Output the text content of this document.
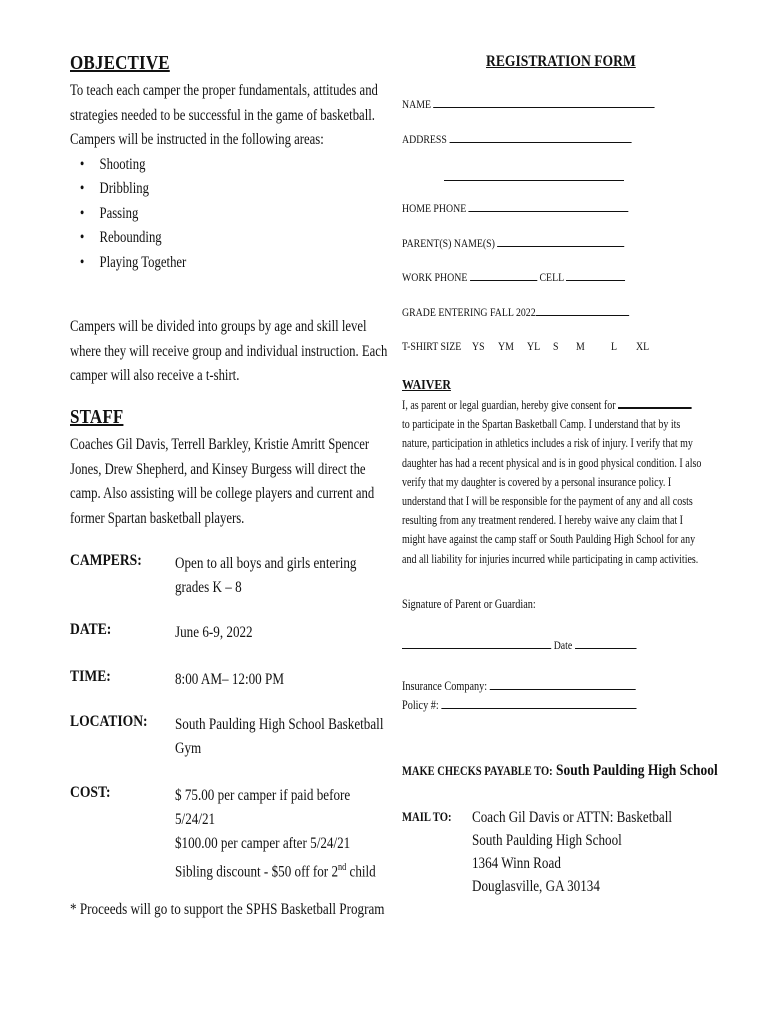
OBJECTIVE
To teach each camper the proper fundamentals, attitudes and
strategies needed to be successful in the game of basketball.
Campers will be instructed in the following areas:
• Shooting
• Dribbling
• Passing
• Rebounding
• Playing Together
Campers will be divided into groups by age and skill level
where they will receive group and individual instruction. Each
camper will also receive a t-shirt.
STAFF
Coaches Gil Davis, Terrell Barkley, Kristie Amritt Spencer
Jones, Drew Shepherd, and Kinsey Burgess will direct the
camp. Also assisting will be college players and current and
former Spartan basketball players.
CAMPERS: Open to all boys and girls entering
grades K – 8
DATE:	June 6-9, 2022
TIME:	8:00 AM– 12:00 PM
LOCATION: South Paulding High School Basketball
Gym
COST:	$ 75.00 per camper if paid before
5/24/21
$100.00 per camper after 5/24/21
Sibling discount - $50 off for 2nd child
* Proceeds will go to support the SPHS Basketball Program
REGISTRATION FORM
NAME
ADDRESS
HOME PHONE
PARENT(S) NAME(S)
WORK PHONE	CELL
GRADE ENTERING FALL 2022
T-SHIRT SIZE YS YM YL S M L XL
WAIVER
I, as parent or legal guardian, hereby give consent for
to participate in the Spartan Basketball Camp. I understand that by its
nature, participation in athletics includes a risk of injury. I verify that my
daughter has had a recent physical and is in good physical condition. I also
verify that my daughter is covered by a personal insurance policy. I
understand that I will be responsible for the payment of any and all costs
resulting from any treatment rendered. I hereby waive any claim that I
might have against the camp staff or South Paulding High School for any
and all liability for injuries incurred while participating in camp activities.
Signature of Parent or Guardian:
Date
Insurance Company:
Policy #:
MAKE CHECKS PAYABLE TO: South Paulding High School
MAIL TO: Coach Gil Davis or ATTN: Basketball
South Paulding High School
1364 Winn Road
Douglasville, GA 30134
